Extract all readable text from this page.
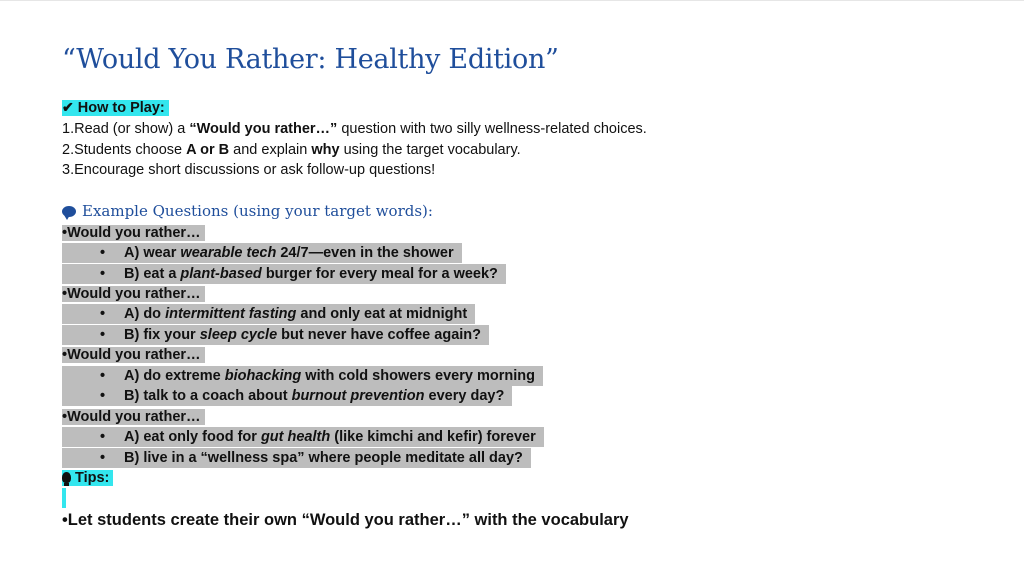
“Would You Rather: Healthy Edition”
✔ How to Play:
1.Read (or show) a “Would you rather…” question with two silly wellness-related choices.
2.Students choose A or B and explain why using the target vocabulary.
3.Encourage short discussions or ask follow-up questions!
Example Questions (using your target words):
•Would you rather…
• A) wear wearable tech 24/7—even in the shower
• B) eat a plant-based burger for every meal for a week?
•Would you rather…
• A) do intermittent fasting and only eat at midnight
• B) fix your sleep cycle but never have coffee again?
•Would you rather…
• A) do extreme biohacking with cold showers every morning
• B) talk to a coach about burnout prevention every day?
•Would you rather…
• A) eat only food for gut health (like kimchi and kefir) forever
• B) live in a “wellness spa” where people meditate all day?
Tips:
•Let students create their own “Would you rather…” with the vocabulary
